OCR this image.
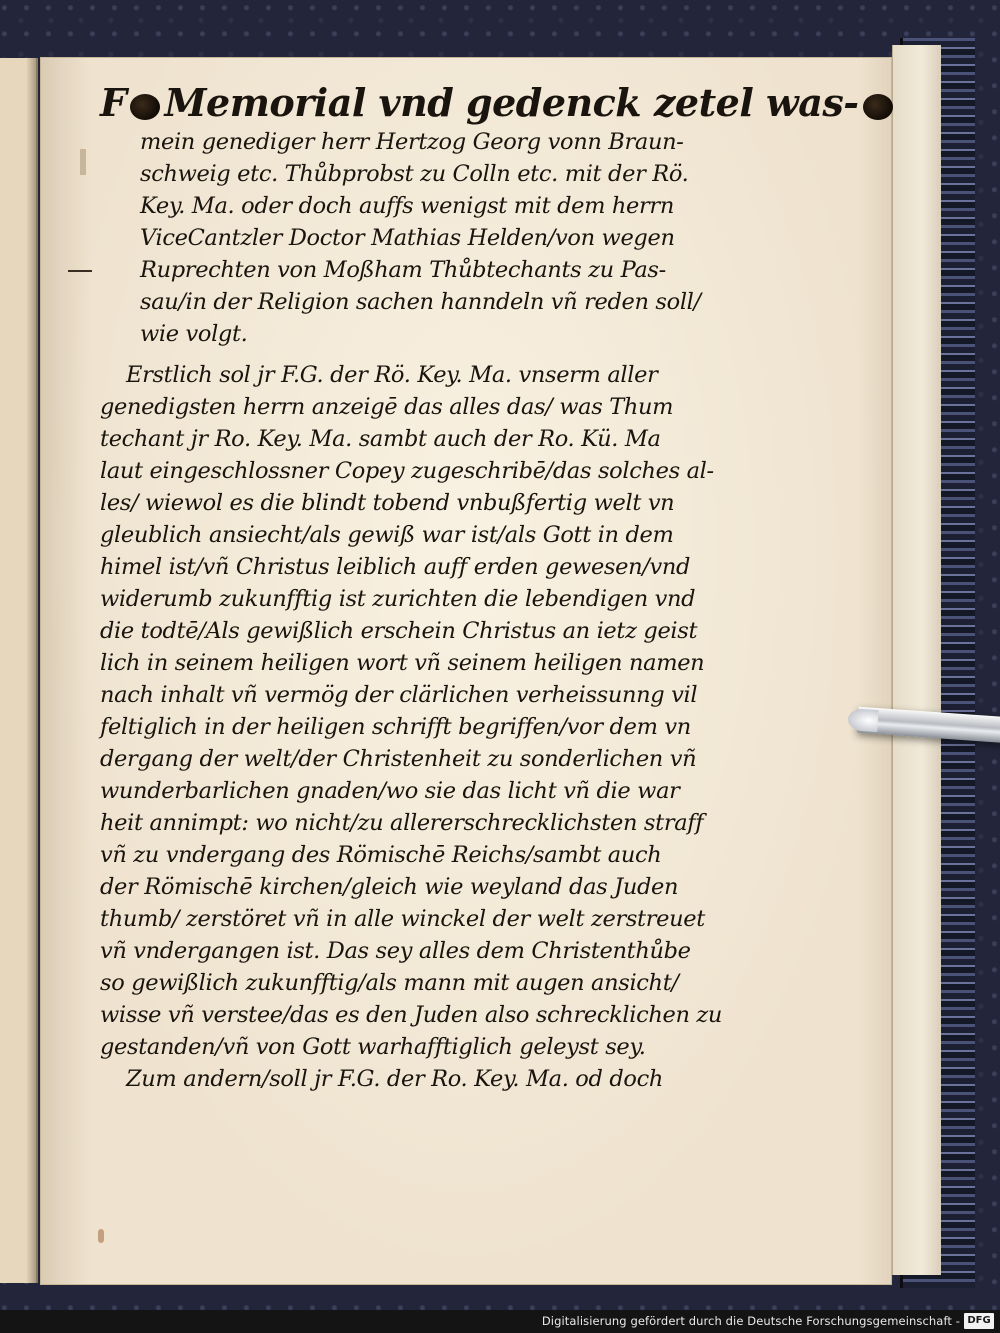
F Memorial vnd gedenck zetel was-
mein genediger herr Hertzog Georg vonn Braun-
schweig etc. Thůbprobst zu Colln etc. mit der Rö.
Key. Ma. oder doch auffs wenigst mit dem herrn
ViceCantzler Doctor Mathias Helden/von wegen
Ruprechten von Moßham Thůbtechants zu Pas-
sau/in der Religion sachen hanndeln vñ reden soll/
wie volgt.
Erstlich sol jr F.G. der Rö. Key. Ma. vnserm aller
genedigsten herrn anzeigē das alles das/ was Thum
techant jr Ro. Key. Ma. sambt auch der Ro. Kü. Ma
laut eingeschlossner Copey zugeschribē/das solches al-
les/ wiewol es die blindt tobend vnbußfertig welt vn
gleublich ansiecht/als gewiß war ist/als Gott in dem
himel ist/vñ Christus leiblich auff erden gewesen/vnd
widerumb zukunfftig ist zurichten die lebendigen vnd
die todtē/Als gewißlich erschein Christus an ietz geist
lich in seinem heiligen wort vñ seinem heiligen namen
nach inhalt vñ vermög der clärlichen verheissunng vil
feltiglich in der heiligen schrifft begriffen/vor dem vn
dergang der welt/der Christenheit zu sonderlichen vñ
wunderbarlichen gnaden/wo sie das licht vñ die war
heit annimpt: wo nicht/zu allererschrecklichsten straff
vñ zu vndergang des Römischē Reichs/sambt auch
der Römischē kirchen/gleich wie weyland das Juden
thumb/ zerstöret vñ in alle winckel der welt zerstreuet
vñ vndergangen ist. Das sey alles dem Christenthůbe
so gewißlich zukunfftig/als mann mit augen ansicht/
wisse vñ verstee/das es den Juden also schrecklichen zu
gestanden/vñ von Gott warhafftiglich geleyst sey.
Zum andern/soll jr F.G. der Ro. Key. Ma. od doch
Digitalisierung gefördert durch die Deutsche Forschungsgemeinschaft - DFG
